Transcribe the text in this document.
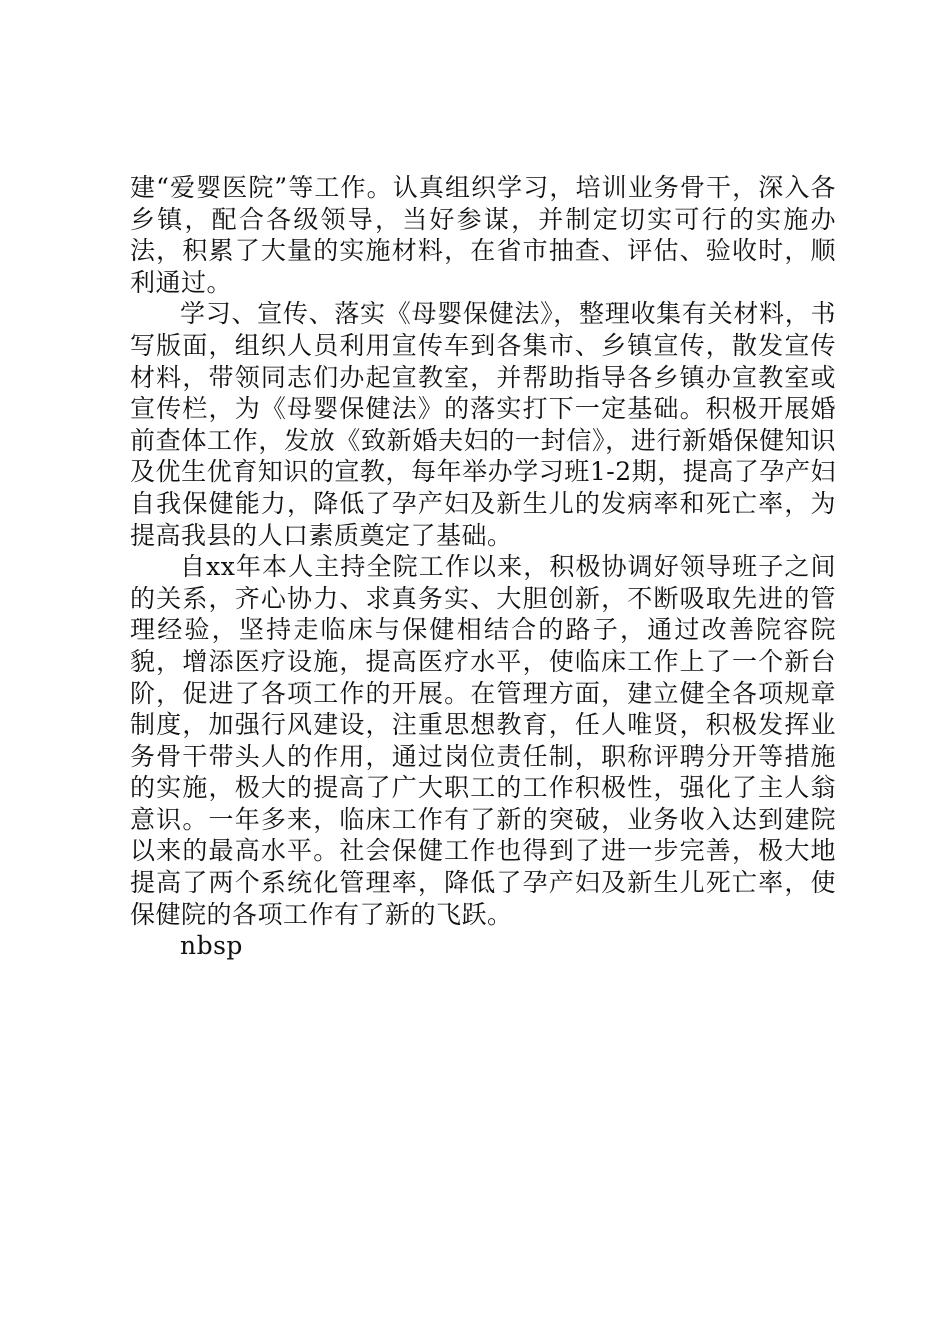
建“爱婴医院”等工作。认真组织学习，培训业务骨干，深入各乡镇，配合各级领导，当好参谋，并制定切实可行的实施办法，积累了大量的实施材料，在省市抽查、评估、验收时，顺利通过。

学习、宣传、落实《母婴保健法》，整理收集有关材料，书写版面，组织人员利用宣传车到各集市、乡镇宣传，散发宣传材料，带领同志们办起宣教室，并帮助指导各乡镇办宣教室或宣传栏，为《母婴保健法》的落实打下一定基础。积极开展婚前查体工作，发放《致新婚夫妇的一封信》，进行新婚保健知识及优生优育知识的宣教，每年举办学习班1-2期，提高了孕产妇自我保健能力，降低了孕产妇及新生儿的发病率和死亡率，为提高我县的人口素质奠定了基础。

自xx年本人主持全院工作以来，积极协调好领导班子之间的关系，齐心协力、求真务实、大胆创新，不断吸取先进的管理经验，坚持走临床与保健相结合的路子，通过改善院容院貌，增添医疗设施，提高医疗水平，使临床工作上了一个新台阶，促进了各项工作的开展。在管理方面，建立健全各项规章制度，加强行风建设，注重思想教育，任人唯贤，积极发挥业务骨干带头人的作用，通过岗位责任制，职称评聘分开等措施的实施，极大的提高了广大职工的工作积极性，强化了主人翁意识。一年多来，临床工作有了新的突破，业务收入达到建院以来的最高水平。社会保健工作也得到了进一步完善，极大地提高了两个系统化管理率，降低了孕产妇及新生儿死亡率，使保健院的各项工作有了新的飞跃。

nbsp
